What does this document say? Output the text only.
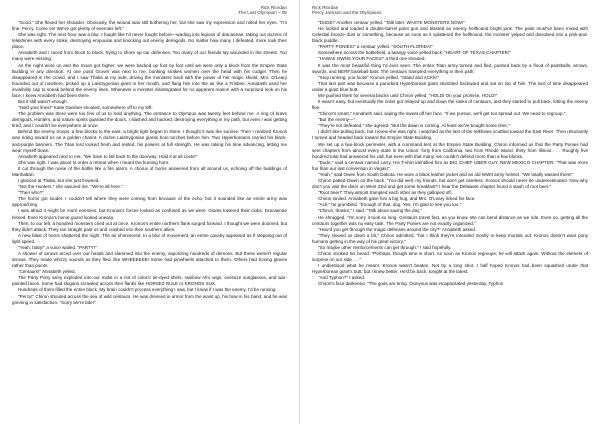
Rick Riordan
The Last Olympian ~ 05

"Good." She flexed her shoulder. Obviously, the wound was still bothering her, but she saw my expression and rolled her eyes. "I'm fine, Percy. Come on! We've got plenty of enemies left."

She was right. The next hour was a blur. I fought like I'd never fought before—wading into legions of dracaenae, taking out dozens of telekhines with every strike, destroying empousai and knocking out enemy demigods. No matter how many I defeated, more took their place.

Annabeth and I raced from block to block, trying to shore up our defenses. Too many of our friends lay wounded in the streets. Too many were missing.

As the night wore on and the moon got higher, we were backed up foot by foot until we were only a block from the Empire State Building in any direction. At one point Grover was next to me, bonking snakes women over the head with his cudgel. Then he disappeared in the crowd, and I saw Thalia at my side, driving the monsters back with the power of her magic shield. Mrs. O'Leary bounded out of nowhere, picked up a Laistrygonian giant in her mouth, and flung him into the air like a Frisbee. Annabeth used her invisibility cap to sneak behind the enemy lines. Whenever a monster disintegrated for no apparent reason with a surprised look on his face, I knew Annabeth had been there.

But it still wasn't enough.

"Hold your lines!" Katie Gardner shouted, somewhere off to my left.

The problem was there were too few of us to hold anything. The entrance to Olympus was twenty feet behind me. A ring of brave demigods, Hunters, and nature spirits guarded the doors. I slashed and hacked, destroying everything in my path, but even I was getting tired, and I couldn't be everywhere at once.

Behind the enemy troops, a few blocks to the east, a bright light began to shine. I thought it was the sunrise. Then I realized Kronos was riding toward us on a golden chariot. A dozen Laistrygonian giants bore torches before him. Two Hyperboreans carried his black-and-purple banners. The Titan lord looked fresh and rested, his powers at full strength. He was taking his time advancing, letting me wear myself down.

Annabeth appeared next to me. "We have to fall back to the doorway. Hold it at all costs!"

She was right. I was about to order a retreat when I heard the hunting horn.

It cut through the noise of the battle like a fire alarm. A chorus of horns answered from all around us, echoing off the buildings of Manhattan.

I glanced at Thalia, but she just frowned.

"Not the Hunters," she assured me. "We're all here."

"Then who?"

The horns got louder. I couldn't tell where they were coming from because of the echo, but it sounded like an entire army was approaching.

I was afraid it might be more enemies, but Kronos's forces looked as confused as we were. Giants lowered their clubs. Dracaenae hissed. Even Kronos's honor guard looked uneasy.

Then, to our left, a hundred monsters cried out at once. Kronos's entire northern flank surged forward. I thought we were doomed, but they didn't attack. They ran straight past us and crashed into their southern allies.

A new blast of horns shattered the night. The air shimmered. In a blur of movement, an entire cavalry appeared as if stepping out of light speed.

"Yeah, baby!" a voice wailed. "PARTY!"

A shower of arrows arced over our heads and slammed into the enemy, vaporizing hundreds of demons. But these weren't regular arrows. They made whizzy sounds as they flew, like WHEEEEEE! Some had pinwheels attached to them. Others had boxing gloves rather than points.

"Centaurs!" Annabeth yelled.

The Party Pony army exploded into our midst in a riot of colors: tie-dyed shirts, rainbow Afro wigs, oversize sunglasses, and war-painted faces. Some had slogans scrawled across their flanks like HORSEZ RULE or KRONOS SUX.

Hundreds of them filled the entire block. My brain couldn't process everything I saw, but I knew if I was the enemy, I'd be running.

"Percy!" Chiron shouted across the sea of wild centaurs. He was dressed in armor from the waist up, his bow in his hand, and he was grinning in satisfaction. "Sorry we're late!"

Rick Riordan
Percy Jackson and the Olympians

"DUDE!" Another centaur yelled. "Talk later. WASTE MONSTERS NOW!"

He locked and loaded a double-barrel paint gun and blasted an enemy hellhound bright pink. The paint must've been mixed with Celestial bronze dust or something, because as soon as it splattered the hellhound, the monster yelped and dissolved into a pink-and-black puddle.

"PARTY PONIES!" a centaur yelled. "SOUTH FLORIDA!"

Somewhere across the battlefield, a twangy voice yelled back, "HEART OF TEXAS CHAPTER!"

"HAWAII OWNS YOUR FACES!" a third one shouted.

It was the most beautiful thing I'd ever seen. The entire Titan army turned and fled, pushed back by a flood of paintballs, arrows, swords, and NERF baseball bats. The centaurs trampled everything in their path.

"Stop running, you fools!" Kronos yelled. "Stand and ACKK!"

That last part was because a panicked Hyperborean giant stumbled backward and sat on top of him. The lord of time disappeared under a giant blue butt.

We pushed them for several blocks until Chiron yelled, "HOLD! On your promise, HOLD!"

It wasn't easy, but eventually the order got relayed up and down the ranks of centaurs, and they started to pull back, letting the enemy flee.

"Chiron's smart," Annabeth said, wiping the sweat off her face. "If we pursue, we'll get too spread out. We need to regroup."

"But the enemy—"

"They're not defeated," she agreed. "But the dawn is coming. At least we've bought some time."

I didn't like pulling back, but I knew she was right. I watched as the last of the telkhines scuttled toward the East River. Then reluctantly I turned and headed back toward the Empire State Building.

We set up a two-block perimeter, with a command tent at the Empire State Building. Chiron informed us that the Party Ponies had sent chapters from almost every state in the Union: forty from California, two from Rhode Island, thirty from Illinois . . . Roughly five hundred total had answered his call, but even with that many, we couldn't defend more than a few blocks.

"Dude," said a centaur named Larry. His T-shirt identified him as BIG CHIEF UBER GUY, NEW MEXICO CHAPTER. "That was more fun than our last convention in Vegas!"

"Yeah," said Owen from South Dakota. He wore a black leather jacket and an old WWII army helmet. "We totally wasted them!"

Chiron patted Owen on the back. "You did well, my friends, but don't get careless. Kronos should never be underestimated. Now why don't you visit the diner on West 33rd and get some breakfast? I hear the Delaware chapter found a stash of root beer."

"Root beer!" They almost trampled each other as they galloped off.

Chiron smiled. Annabeth gave him a big hug, and Mrs. O'Leary licked his face.

"Ack," he grumbled. "Enough of that, dog. Yes, I'm glad to see you too."

"Chiron, thanks," I said. "Talk about saving the day."

He shrugged. "I'm sorry it took so long. Centaurs travel fast, as you know. We can bend distance as we ride. Even so, getting all the centaurs together was no easy task. The Party Ponies are not exactly organized."

"How'd you get through the magic defenses around the city?" Annabeth asked.

"They slowed us down a bit," Chiron admitted, "but I think they're intended mostly to keep mortals out. Kronos doesn't want puny humans getting in the way of his great victory."

"So maybe other reinforcements can get through," I said hopefully.

Chiron stroked his beard. "Perhaps, though time is short. As soon as Kronos regroups, he will attack again. Without the element of surprise on our side . . ."

I understood what he meant. Kronos wasn't beaten. Not by a long shot. I half hoped Kronos had been squashed under that Hyperborean giant's butt, but I knew better. He'd be back, tonight at the latest.

"And Typhon?" I asked.

Chiron's face darkened. "The gods are tiring. Dionysus was incapacitated yesterday. Typhon
